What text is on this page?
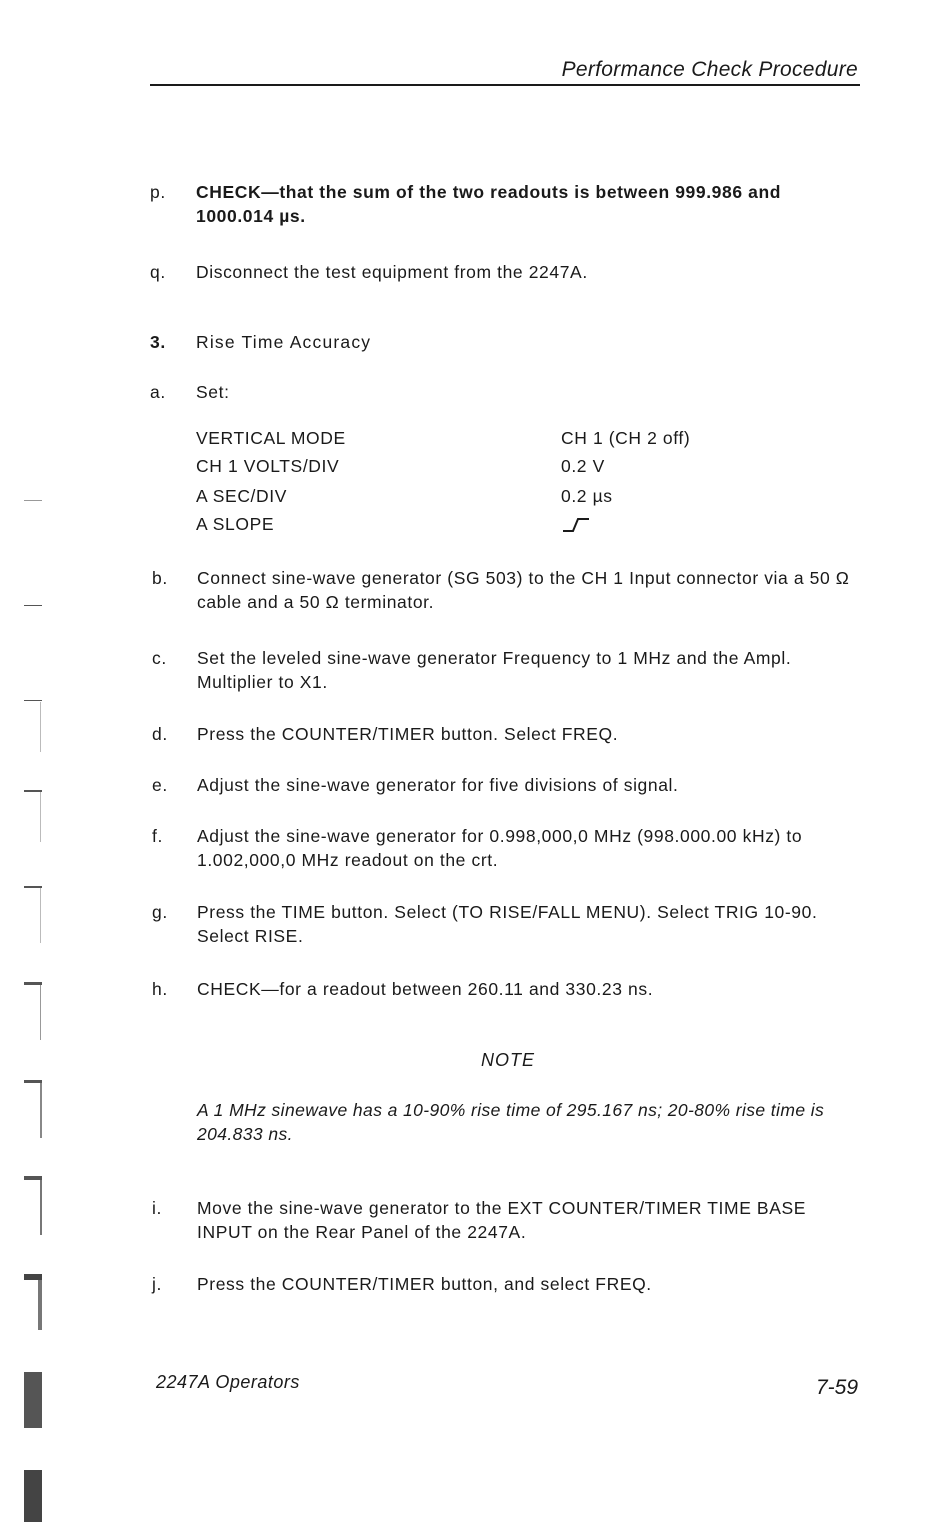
Performance Check Procedure
p. CHECK—that the sum of the two readouts is between 999.986 and 1000.014 µs.
q. Disconnect the test equipment from the 2247A.
3. Rise Time Accuracy
a. Set:
VERTICAL MODE	CH 1 (CH 2 off)
CH 1 VOLTS/DIV	0.2 V
A SEC/DIV	0.2 µs
A SLOPE
b. Connect sine-wave generator (SG 503) to the CH 1 Input connector via a 50 Ω cable and a 50 Ω terminator.
c. Set the leveled sine-wave generator Frequency to 1 MHz and the Ampl. Multiplier to X1.
d. Press the COUNTER/TIMER button. Select FREQ.
e. Adjust the sine-wave generator for five divisions of signal.
f. Adjust the sine-wave generator for 0.998,000,0 MHz (998.000.00 kHz) to 1.002,000,0 MHz readout on the crt.
g. Press the TIME button. Select (TO RISE/FALL MENU). Select TRIG 10-90. Select RISE.
h. CHECK—for a readout between 260.11 and 330.23 ns.
NOTE
A 1 MHz sinewave has a 10-90% rise time of 295.167 ns; 20-80% rise time is 204.833 ns.
i. Move the sine-wave generator to the EXT COUNTER/TIMER TIME BASE INPUT on the Rear Panel of the 2247A.
j. Press the COUNTER/TIMER button, and select FREQ.
2247A Operators	7-59
